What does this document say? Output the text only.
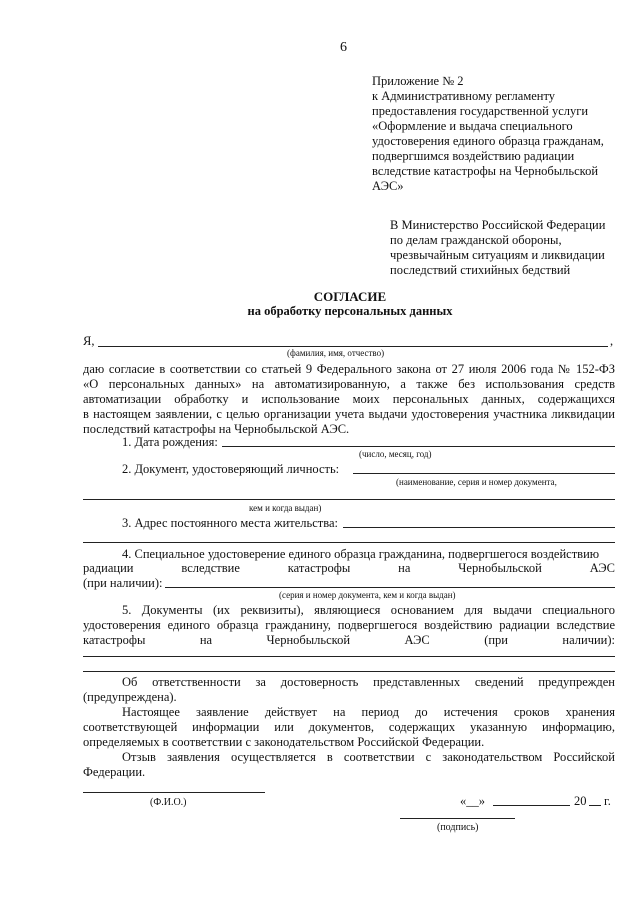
6
Приложение № 2
к Административному регламенту
предоставления государственной услуги
«Оформление и выдача специального
удостоверения единого образца гражданам,
подвергшимся воздействию радиации
вследствие катастрофы на Чернобыльской
АЭС»
В Министерство Российской Федерации
по делам гражданской обороны,
чрезвычайным ситуациям и ликвидации
последствий стихийных бедствий
СОГЛАСИЕ
на обработку персональных данных
Я,	,
(фамилия, имя, отчество)
даю согласие в соответствии со статьей 9 Федерального закона от 27 июля 2006 года № 152-ФЗ
«О персональных данных» на автоматизированную, а также без использования средств
автоматизации обработку и использование моих персональных данных, содержащихся
в настоящем заявлении, с целью организации учета выдачи удостоверения участника ликвидации
последствий катастрофы на Чернобыльской АЭС.
1. Дата рождения:
(число, месяц, год)
2. Документ, удостоверяющий личность:
(наименование, серия и номер документа,
кем и когда выдан)
3. Адрес постоянного места жительства:
4. Специальное удостоверение единого образца гражданина, подвергшегося воздействию
радиации вследствие катастрофы на Чернобыльской АЭС
(при наличии):
(серия и номер документа, кем и когда выдан)
5. Документы (их реквизиты), являющиеся основанием для выдачи специального
удостоверения единого образца гражданину, подвергшегося воздействию радиации вследствие
катастрофы на Чернобыльской АЭС (при наличии):
Об ответственности за достоверность представленных сведений предупрежден
(предупреждена).
Настоящее заявление действует на период до истечения сроков хранения
соответствующей информации или документов, содержащих указанную информацию,
определяемых в соответствии с законодательством Российской Федерации.
Отзыв заявления осуществляется в соответствии с законодательством Российской
Федерации.
(Ф.И.О.)	«__»	20 г.
(подпись)
